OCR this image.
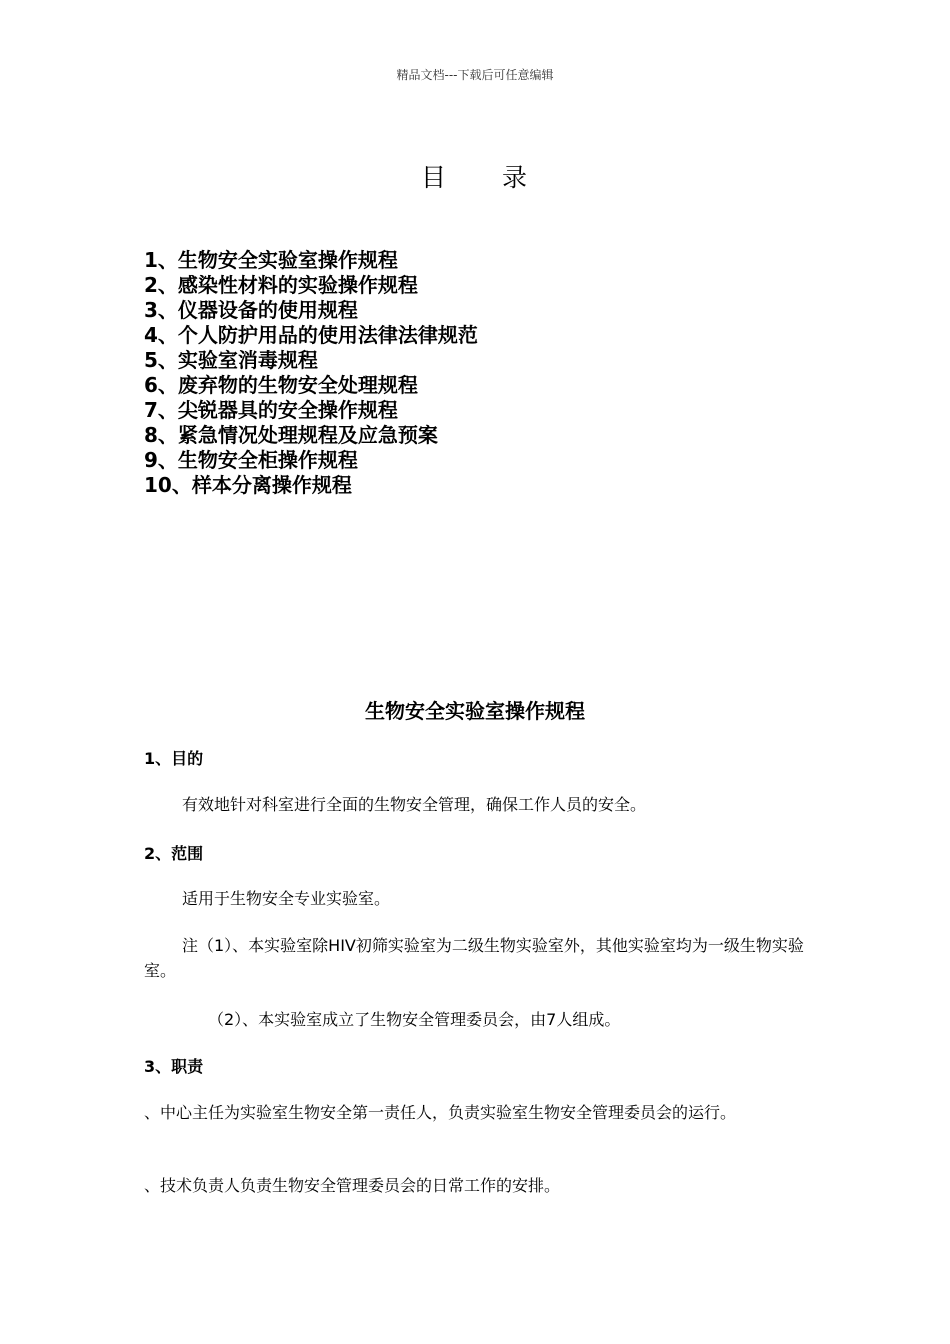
精品文档---下载后可任意编辑
目　　录
1、生物安全实验室操作规程
2、感染性材料的实验操作规程
3、仪器设备的使用规程
4、个人防护用品的使用法律法律规范
5、实验室消毒规程
6、废弃物的生物安全处理规程
7、尖锐器具的安全操作规程
8、紧急情况处理规程及应急预案
9、生物安全柜操作规程
10、样本分离操作规程
生物安全实验室操作规程
1、目的
有效地针对科室进行全面的生物安全管理，确保工作人员的安全。
2、范围
适用于生物安全专业实验室。
注（1）、本实验室除HIV初筛实验室为二级生物实验室外，其他实验室均为一级生物实验室。
（2）、本实验室成立了生物安全管理委员会，由7人组成。
3、职责
、中心主任为实验室生物安全第一责任人，负责实验室生物安全管理委员会的运行。
、技术负责人负责生物安全管理委员会的日常工作的安排。
